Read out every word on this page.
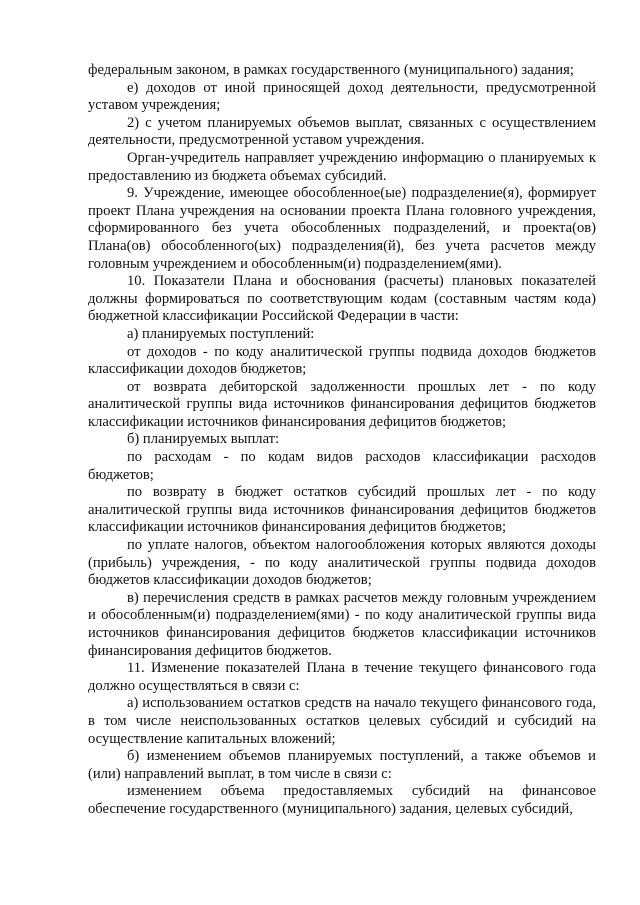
федеральным законом, в рамках государственного (муниципального) задания;

е) доходов от иной приносящей доход деятельности, предусмотренной уставом учреждения;

2) с учетом планируемых объемов выплат, связанных с осуществлением деятельности, предусмотренной уставом учреждения.

Орган-учредитель направляет учреждению информацию о планируемых к предоставлению из бюджета объемах субсидий.

9. Учреждение, имеющее обособленное(ые) подразделение(я), формирует проект Плана учреждения на основании проекта Плана головного учреждения, сформированного без учета обособленных подразделений, и проекта(ов) Плана(ов) обособленного(ых) подразделения(й), без учета расчетов между головным учреждением и обособленным(и) подразделением(ями).

10. Показатели Плана и обоснования (расчеты) плановых показателей должны формироваться по соответствующим кодам (составным частям кода) бюджетной классификации Российской Федерации в части:

а) планируемых поступлений:

от доходов - по коду аналитической группы подвида доходов бюджетов классификации доходов бюджетов;

от возврата дебиторской задолженности прошлых лет - по коду аналитической группы вида источников финансирования дефицитов бюджетов классификации источников финансирования дефицитов бюджетов;

б) планируемых выплат:

по расходам - по кодам видов расходов классификации расходов бюджетов;

по возврату в бюджет остатков субсидий прошлых лет - по коду аналитической группы вида источников финансирования дефицитов бюджетов классификации источников финансирования дефицитов бюджетов;

по уплате налогов, объектом налогообложения которых являются доходы (прибыль) учреждения, - по коду аналитической группы подвида доходов бюджетов классификации доходов бюджетов;

в) перечисления средств в рамках расчетов между головным учреждением и обособленным(и) подразделением(ями) - по коду аналитической группы вида источников финансирования дефицитов бюджетов классификации источников финансирования дефицитов бюджетов.

11. Изменение показателей Плана в течение текущего финансового года должно осуществляться в связи с:

а) использованием остатков средств на начало текущего финансового года, в том числе неиспользованных остатков целевых субсидий и субсидий на осуществление капитальных вложений;

б) изменением объемов планируемых поступлений, а также объемов и (или) направлений выплат, в том числе в связи с:

изменением объема предоставляемых субсидий на финансовое обеспечение государственного (муниципального) задания, целевых субсидий,
